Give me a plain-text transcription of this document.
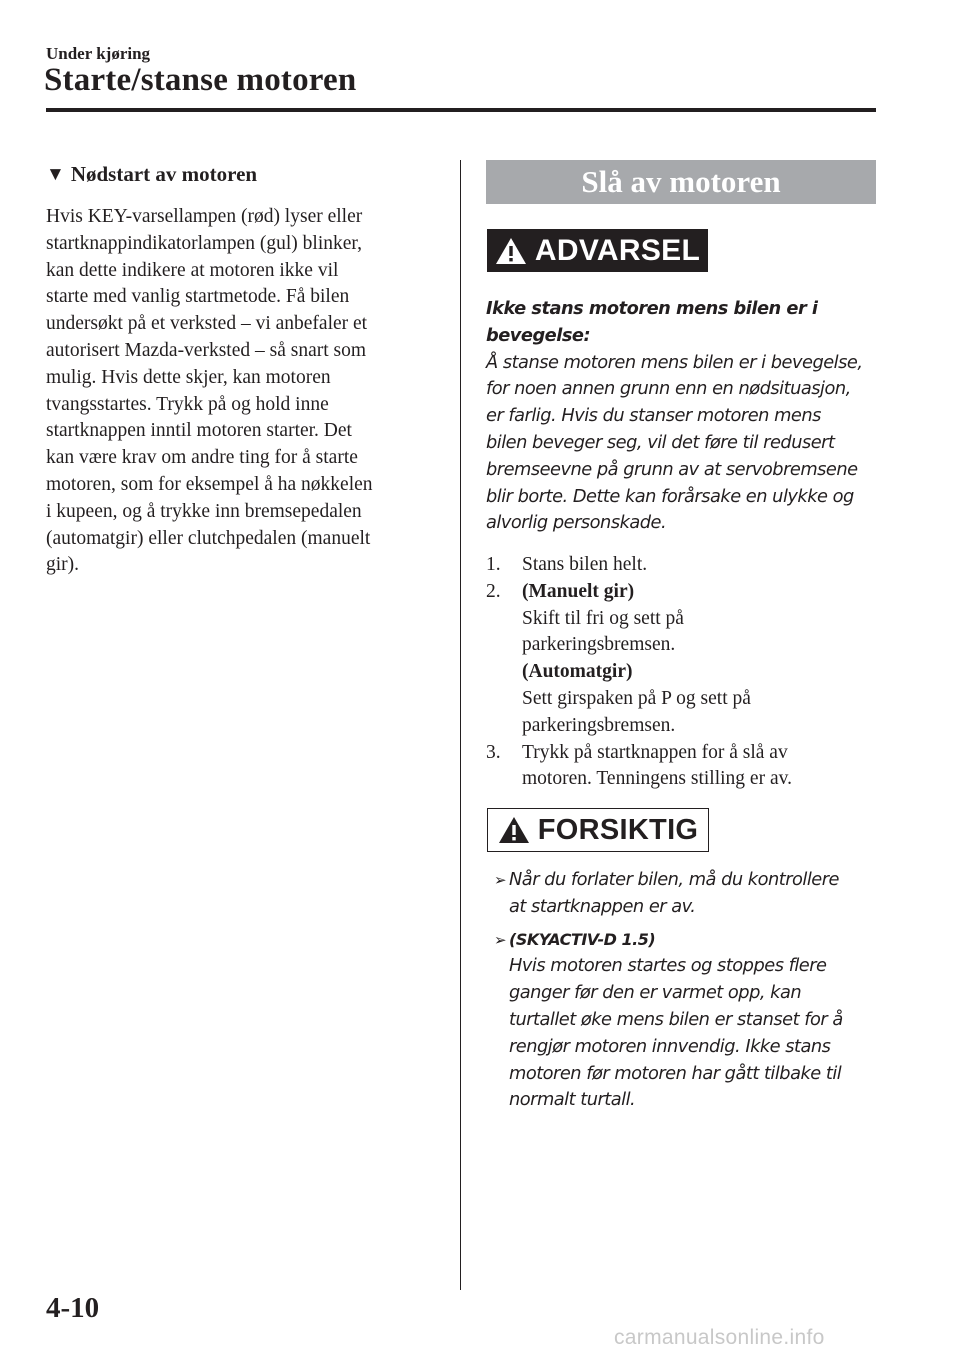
Under kjøring
Starte/stanse motoren
▼ Nødstart av motoren
Hvis KEY-varsellampen (rød) lyser eller
startknappindikatorlampen (gul) blinker,
kan dette indikere at motoren ikke vil
starte med vanlig startmetode. Få bilen
undersøkt på et verksted – vi anbefaler et
autorisert Mazda-verksted – så snart som
mulig. Hvis dette skjer, kan motoren
tvangsstartes. Trykk på og hold inne
startknappen inntil motoren starter. Det
kan være krav om andre ting for å starte
motoren, som for eksempel å ha nøkkelen
i kupeen, og å trykke inn bremsepedalen
(automatgir) eller clutchpedalen (manuelt
gir).
Slå av motoren
ADVARSEL
Ikke stans motoren mens bilen er i
bevegelse:
Å stanse motoren mens bilen er i bevegelse,
for noen annen grunn enn en nødsituasjon,
er farlig. Hvis du stanser motoren mens
bilen beveger seg, vil det føre til redusert
bremseevne på grunn av at servobremsene
blir borte. Dette kan forårsake en ulykke og
alvorlig personskade.
1.	Stans bilen helt.
2.	(Manuelt gir)
Skift til fri og sett på
parkeringsbremsen.
(Automatgir)
Sett girspaken på P og sett på
parkeringsbremsen.
3.	Trykk på startknappen for å slå av
motoren. Tenningens stilling er av.
FORSIKTIG
➢ Når du forlater bilen, må du kontrollere
at startknappen er av.
➢ (SKYACTIV-D 1.5)
Hvis motoren startes og stoppes flere
ganger før den er varmet opp, kan
turtallet øke mens bilen er stanset for å
rengjør motoren innvendig. Ikke stans
motoren før motoren har gått tilbake til
normalt turtall.
4-10
carmanualsonline.info
